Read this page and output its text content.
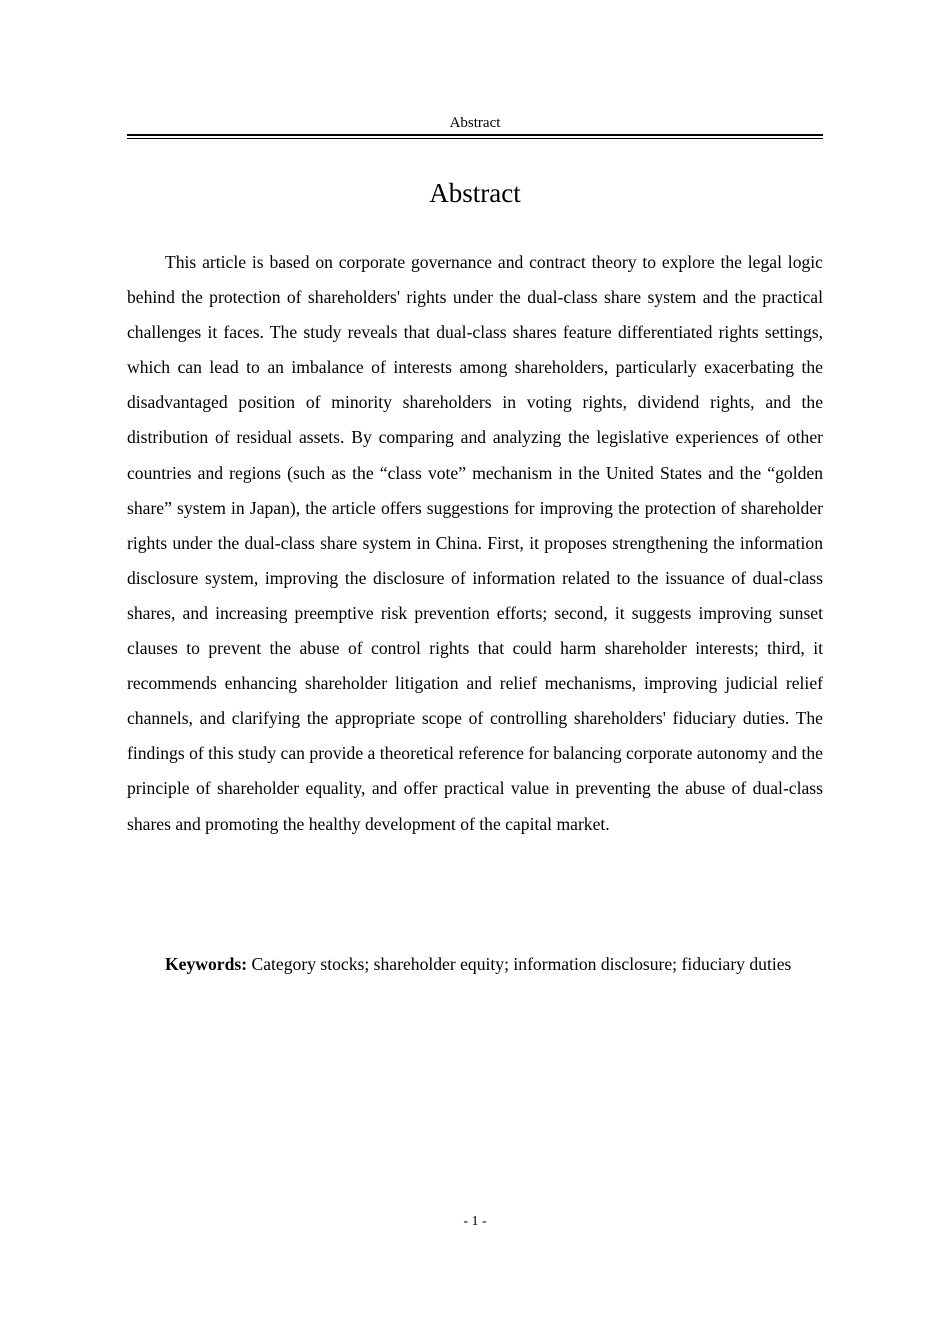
Abstract
Abstract

This article is based on corporate governance and contract theory to explore the legal logic behind the protection of shareholders' rights under the dual-class share system and the practical challenges it faces. The study reveals that dual-class shares feature differentiated rights settings, which can lead to an imbalance of interests among shareholders, particularly exacerbating the disadvantaged position of minority shareholders in voting rights, dividend rights, and the distribution of residual assets. By comparing and analyzing the legislative experiences of other countries and regions (such as the “class vote” mechanism in the United States and the “golden share” system in Japan), the article offers suggestions for improving the protection of shareholder rights under the dual-class share system in China. First, it proposes strengthening the information disclosure system, improving the disclosure of information related to the issuance of dual-class shares, and increasing preemptive risk prevention efforts; second, it suggests improving sunset clauses to prevent the abuse of control rights that could harm shareholder interests; third, it recommends enhancing shareholder litigation and relief mechanisms, improving judicial relief channels, and clarifying the appropriate scope of controlling shareholders' fiduciary duties. The findings of this study can provide a theoretical reference for balancing corporate autonomy and the principle of shareholder equality, and offer practical value in preventing the abuse of dual-class shares and promoting the healthy development of the capital market.

Keywords: Category stocks; shareholder equity; information disclosure; fiduciary duties

- 1 -
